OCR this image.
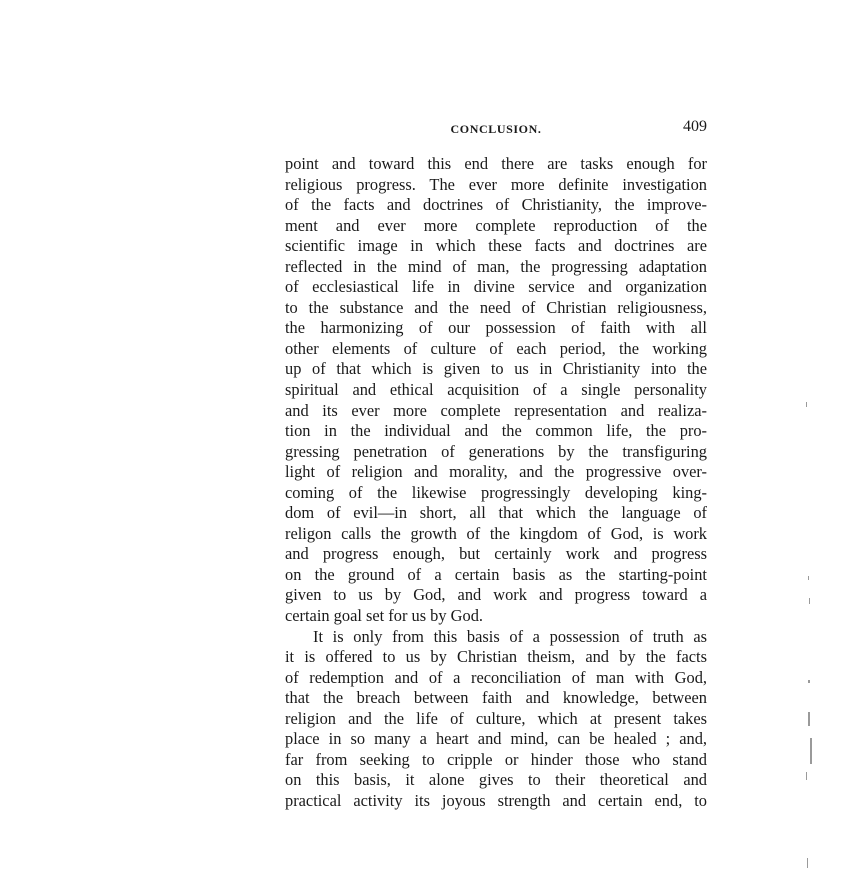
CONCLUSION.	409
point and toward this end there are tasks enough for
religious progress. The ever more definite investigation
of the facts and doctrines of Christianity, the improve-
ment and ever more complete reproduction of the
scientific image in which these facts and doctrines are
reflected in the mind of man, the progressing adaptation
of ecclesiastical life in divine service and organization
to the substance and the need of Christian religiousness,
the harmonizing of our possession of faith with all
other elements of culture of each period, the working
up of that which is given to us in Christianity into the
spiritual and ethical acquisition of a single personality
and its ever more complete representation and realiza-
tion in the individual and the common life, the pro-
gressing penetration of generations by the transfiguring
light of religion and morality, and the progressive over-
coming of the likewise progressingly developing king-
dom of evil—in short, all that which the language of
religon calls the growth of the kingdom of God, is work
and progress enough, but certainly work and progress
on the ground of a certain basis as the starting-point
given to us by God, and work and progress toward a
certain goal set for us by God.
It is only from this basis of a possession of truth as
it is offered to us by Christian theism, and by the facts
of redemption and of a reconciliation of man with God,
that the breach between faith and knowledge, between
religion and the life of culture, which at present takes
place in so many a heart and mind, can be healed ; and,
far from seeking to cripple or hinder those who stand
on this basis, it alone gives to their theoretical and
practical activity its joyous strength and certain end, to
